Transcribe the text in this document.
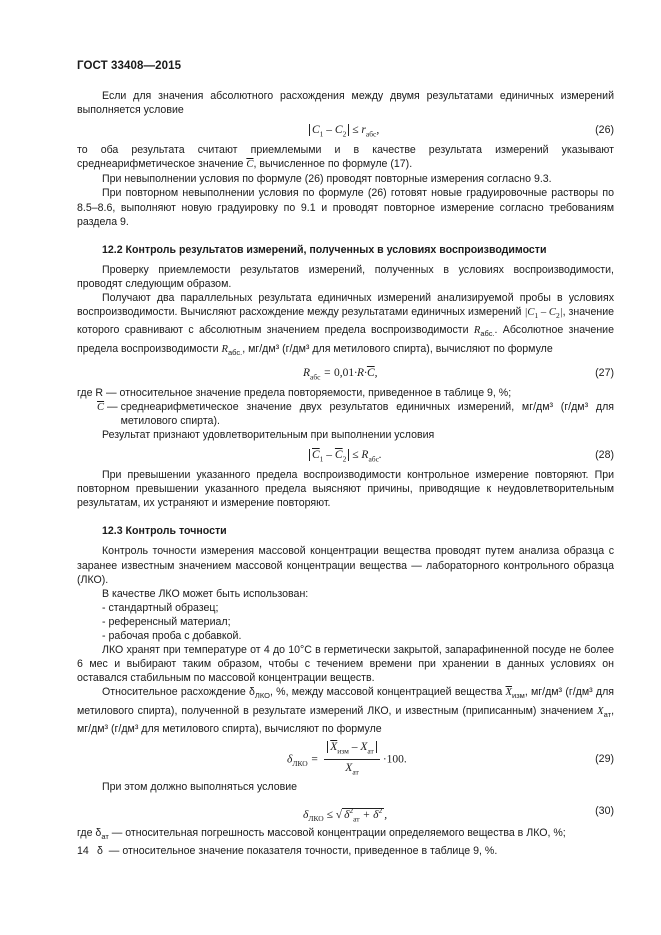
ГОСТ 33408—2015

Если для значения абсолютного расхождения между двумя результатами единичных измерений выполняется условие

$C_1 - C_2 \le r_{абс}$,	(26)

то оба результата считают приемлемыми и в качестве результата измерений указывают среднеарифметическое значение $\overline{C}$, вычисленное по формуле (17).

При невыполнении условия по формуле (26) проводят повторные измерения согласно 9.3.

При повторном невыполнении условия по формуле (26) готовят новые градуировочные растворы по 8.5–8.6, выполняют новую градуировку по 9.1 и проводят повторное измерение согласно требованиям раздела 9.

12.2 Контроль результатов измерений, полученных в условиях воспроизводимости

Проверку приемлемости результатов измерений, полученных в условиях воспроизводимости, проводят следующим образом.

Получают два параллельных результата единичных измерений анализируемой пробы в условиях воспроизводимости. Вычисляют расхождение между результатами единичных измерений $|C_1 - C_2|$, значение которого сравнивают с абсолютным значением предела воспроизводимости $R_{абс.}$. Абсолютное значение предела воспроизводимости $R_{абс.}$, мг/дм³ (г/дм³ для метилового спирта), вычисляют по формуле

$R_{абс} = 0,01\cdot R\cdot\overline{C}$,	(27)
где R — относительное значение предела повторяемости, приведенное в таблице 9, %;
$\overline{C}$ — среднеарифметическое значение двух результатов единичных измерений, мг/дм³ (г/дм³ для метилового спирта).

Результат признают удовлетворительным при выполнении условия

$\overline{C}_1 - \overline{C}_2 \le R_{абс}$.	(28)

При превышении указанного предела воспроизводимости контрольное измерение повторяют. При повторном превышении указанного предела выясняют причины, приводящие к неудовлетворительным результатам, их устраняют и измерение повторяют.

12.3 Контроль точности

Контроль точности измерения массовой концентрации вещества проводят путем анализа образца с заранее известным значением массовой концентрации вещества — лабораторного контрольного образца (ЛКО).

В качестве ЛКО может быть использован:

- стандартный образец;

- референсный материал;

- рабочая проба с добавкой.

ЛКО хранят при температуре от 4 до 10°С в герметически закрытой, запарафиненной посуде не более 6 мес и выбирают таким образом, чтобы с течением времени при хранении в данных условиях он оставался стабильным по массовой концентрации веществ.

Относительное расхождение $\delta_{ЛКО}$, %, между массовой концентрацией вещества $\overline{X}_{изм}$, мг/дм³ (г/дм³ для метилового спирта), полученной в результате измерений ЛКО, и известным (приписанным) значением $X_{ат}$, мг/дм³ (г/дм³ для метилового спирта), вычисляют по формуле

$\delta_{ЛКО} = \frac{\overline{X}_{изм} - X_{ат}}{X_{ат}} \cdot 100$.	(29)

При этом должно выполняться условие

$\delta_{ЛКО}$ ≤ √ $\delta^2_{ат} + \delta^2$ ,	(30)
где $\delta_{ат}$ — относительная погрешность массовой концентрации определяемого вещества в ЛКО, %;
δ  — относительное значение показателя точности, приведенное в таблице 9, %.
14
